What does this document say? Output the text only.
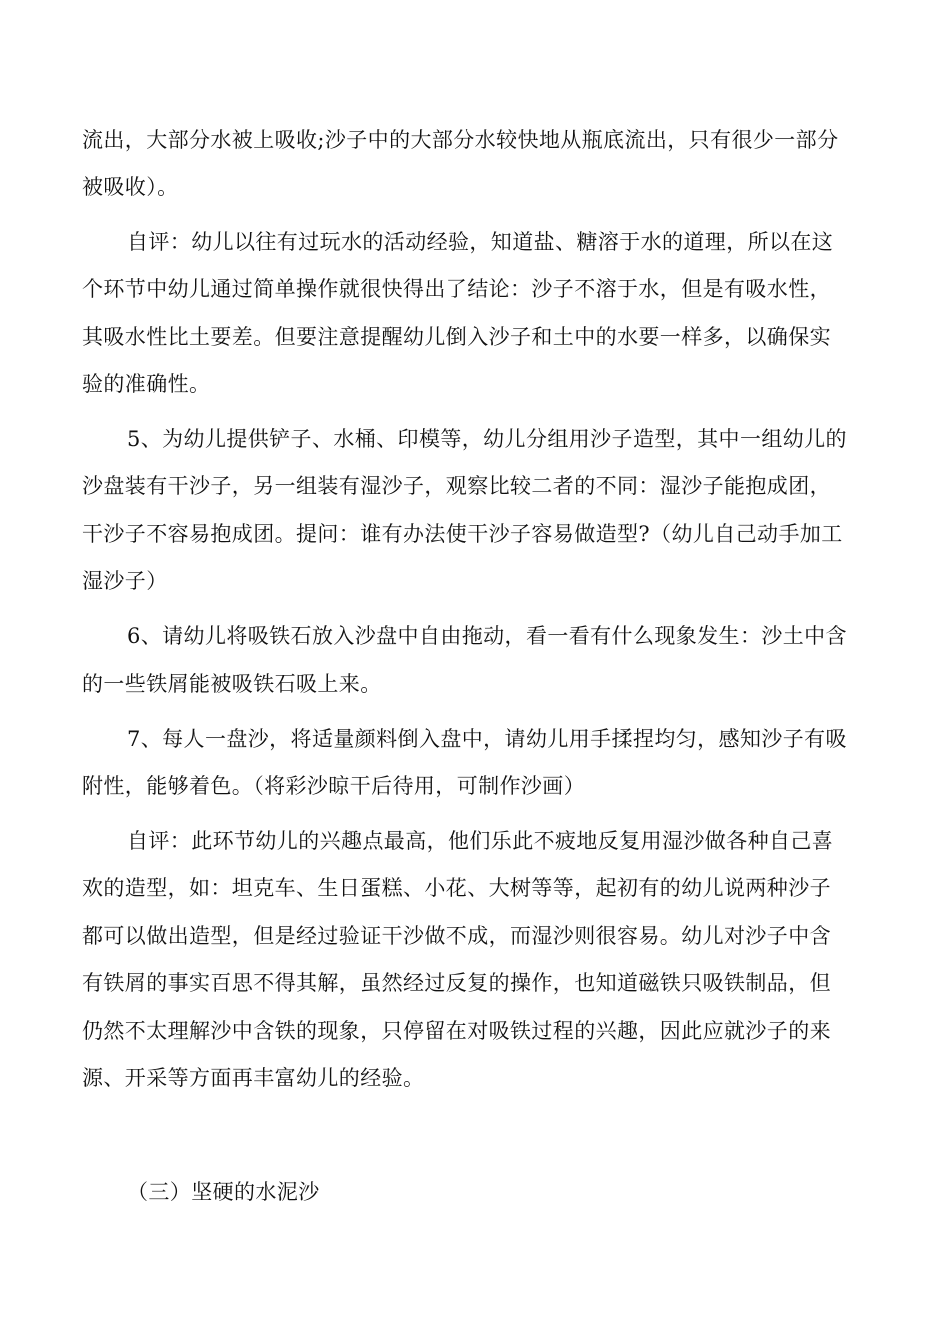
流出，大部分水被上吸收;沙子中的大部分水较快地从瓶底流出，只有很少一部分
被吸收）。
自评：幼儿以往有过玩水的活动经验，知道盐、糖溶于水的道理，所以在这
个环节中幼儿通过简单操作就很快得出了结论：沙子不溶于水，但是有吸水性，
其吸水性比土要差。但要注意提醒幼儿倒入沙子和土中的水要一样多，以确保实
验的准确性。
5、为幼儿提供铲子、水桶、印模等，幼儿分组用沙子造型，其中一组幼儿的
沙盘装有干沙子，另一组装有湿沙子，观察比较二者的不同：湿沙子能抱成团，
干沙子不容易抱成团。提问：谁有办法使干沙子容易做造型?（幼儿自己动手加工
湿沙子）
6、请幼儿将吸铁石放入沙盘中自由拖动，看一看有什么现象发生：沙土中含
的一些铁屑能被吸铁石吸上来。
7、每人一盘沙，将适量颜料倒入盘中，请幼儿用手揉捏均匀，感知沙子有吸
附性，能够着色。（将彩沙晾干后待用，可制作沙画）
自评：此环节幼儿的兴趣点最高，他们乐此不疲地反复用湿沙做各种自己喜
欢的造型，如：坦克车、生日蛋糕、小花、大树等等，起初有的幼儿说两种沙子
都可以做出造型，但是经过验证干沙做不成，而湿沙则很容易。幼儿对沙子中含
有铁屑的事实百思不得其解，虽然经过反复的操作，也知道磁铁只吸铁制品，但
仍然不太理解沙中含铁的现象，只停留在对吸铁过程的兴趣，因此应就沙子的来
源、开采等方面再丰富幼儿的经验。
（三）坚硬的水泥沙
